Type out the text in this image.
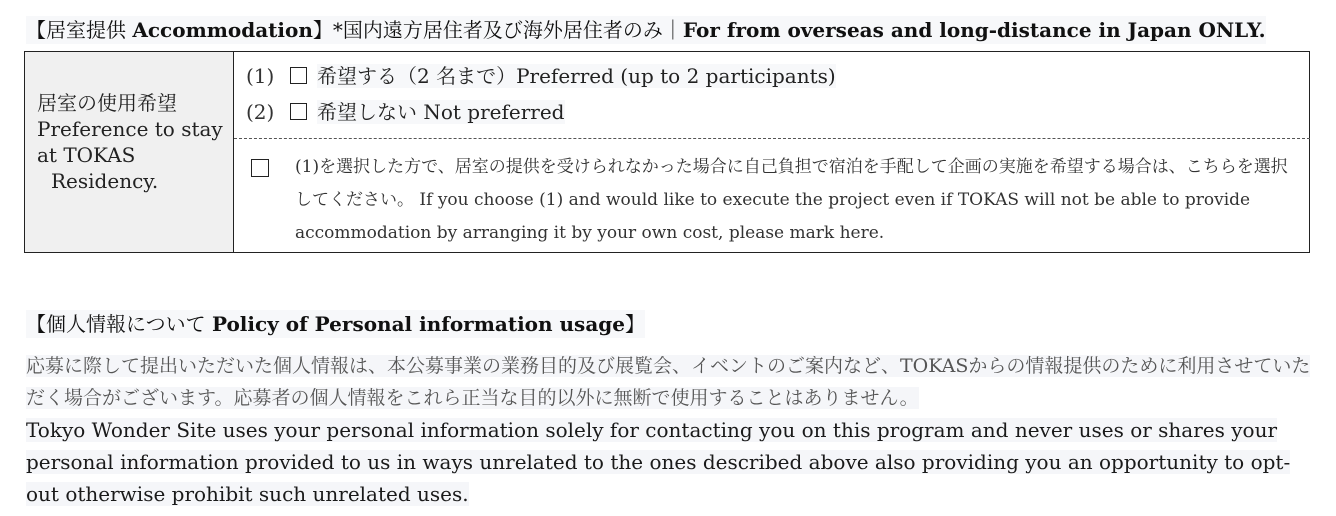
【居室提供 Accommodation】*国内遠方居住者及び海外居住者のみ｜For from overseas and long-distance in Japan ONLY.
居室の使用希望
Preference to stay
at TOKAS
Residency.
(1) 希望する（2 名まで）Preferred (up to 2 participants)
(2) 希望しない Not preferred
(1)を選択した方で、居室の提供を受けられなかった場合に自己負担で宿泊を手配して企画の実施を希望する場合は、こちらを選択してください。 If you choose (1) and would like to execute the project even if TOKAS will not be able to provide accommodation by arranging it by your own cost, please mark here.
【個人情報について Policy of Personal information usage】
応募に際して提出いただいた個人情報は、本公募事業の業務目的及び展覧会、イベントのご案内など、TOKASからの情報提供のために利用させていただく場合がございます。応募者の個人情報をこれら正当な目的以外に無断で使用することはありません。
Tokyo Wonder Site uses your personal information solely for contacting you on this program and never uses or shares your personal information provided to us in ways unrelated to the ones described above also providing you an opportunity to opt-out otherwise prohibit such unrelated uses.
